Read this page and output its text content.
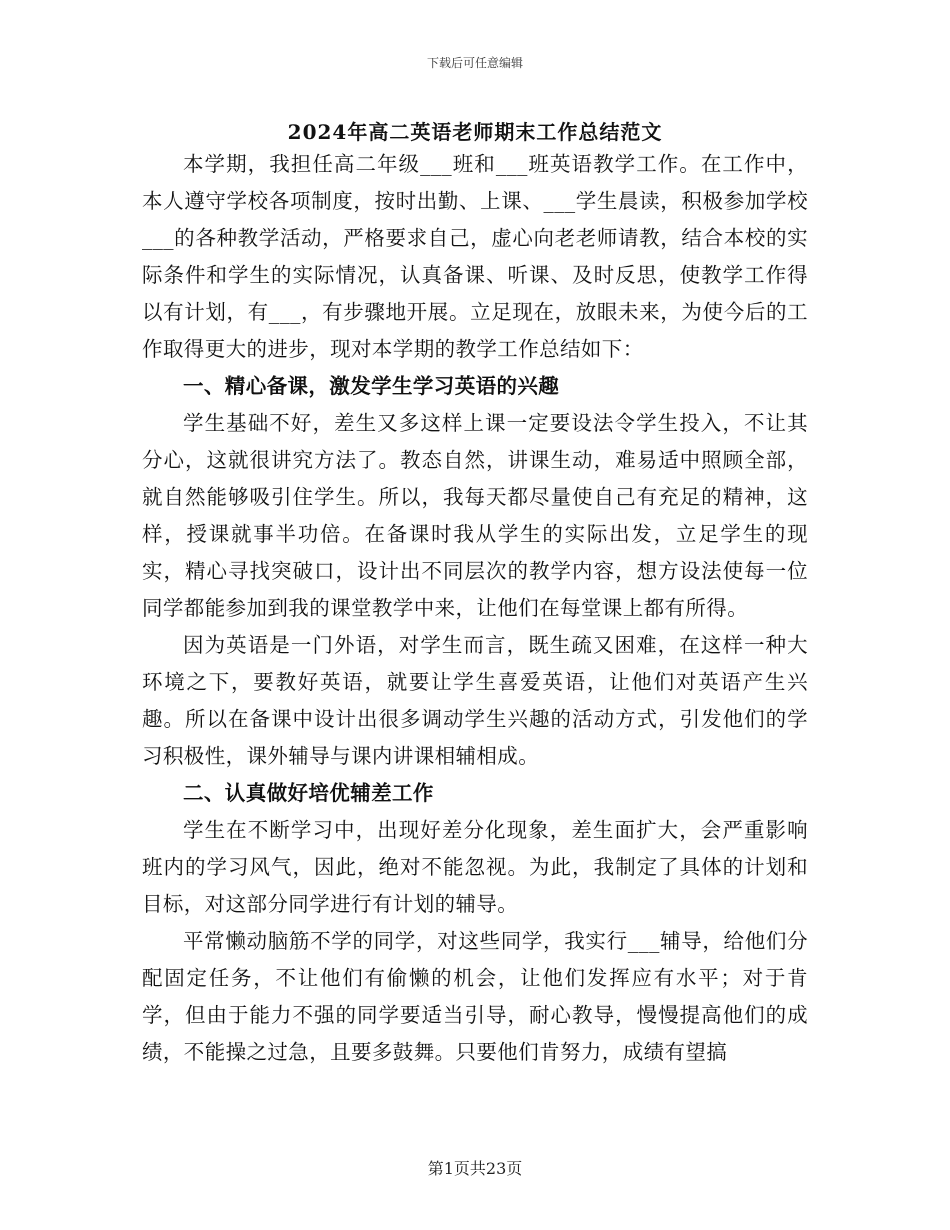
下载后可任意编辑
2024年高二英语老师期末工作总结范文

本学期，我担任高二年级___班和___班英语教学工作。在工作中，本人遵守学校各项制度，按时出勤、上课、___学生晨读，积极参加学校___的各种教学活动，严格要求自己，虚心向老老师请教，结合本校的实际条件和学生的实际情况，认真备课、听课、及时反思，使教学工作得以有计划，有___，有步骤地开展。立足现在，放眼未来，为使今后的工作取得更大的进步，现对本学期的教学工作总结如下：

一、精心备课，激发学生学习英语的兴趣

学生基础不好，差生又多这样上课一定要设法令学生投入，不让其分心，这就很讲究方法了。教态自然，讲课生动，难易适中照顾全部，就自然能够吸引住学生。所以，我每天都尽量使自己有充足的精神，这样，授课就事半功倍。在备课时我从学生的实际出发，立足学生的现实，精心寻找突破口，设计出不同层次的教学内容，想方设法使每一位同学都能参加到我的课堂教学中来，让他们在每堂课上都有所得。

因为英语是一门外语，对学生而言，既生疏又困难，在这样一种大环境之下，要教好英语，就要让学生喜爱英语，让他们对英语产生兴趣。所以在备课中设计出很多调动学生兴趣的活动方式，引发他们的学习积极性，课外辅导与课内讲课相辅相成。

二、认真做好培优辅差工作

学生在不断学习中，出现好差分化现象，差生面扩大，会严重影响班内的学习风气，因此，绝对不能忽视。为此，我制定了具体的计划和目标，对这部分同学进行有计划的辅导。

平常懒动脑筋不学的同学，对这些同学，我实行___辅导，给他们分配固定任务，不让他们有偷懒的机会，让他们发挥应有水平；对于肯学，但由于能力不强的同学要适当引导，耐心教导，慢慢提高他们的成绩，不能操之过急，且要多鼓舞。只要他们肯努力，成绩有望搞

第1页共23页
